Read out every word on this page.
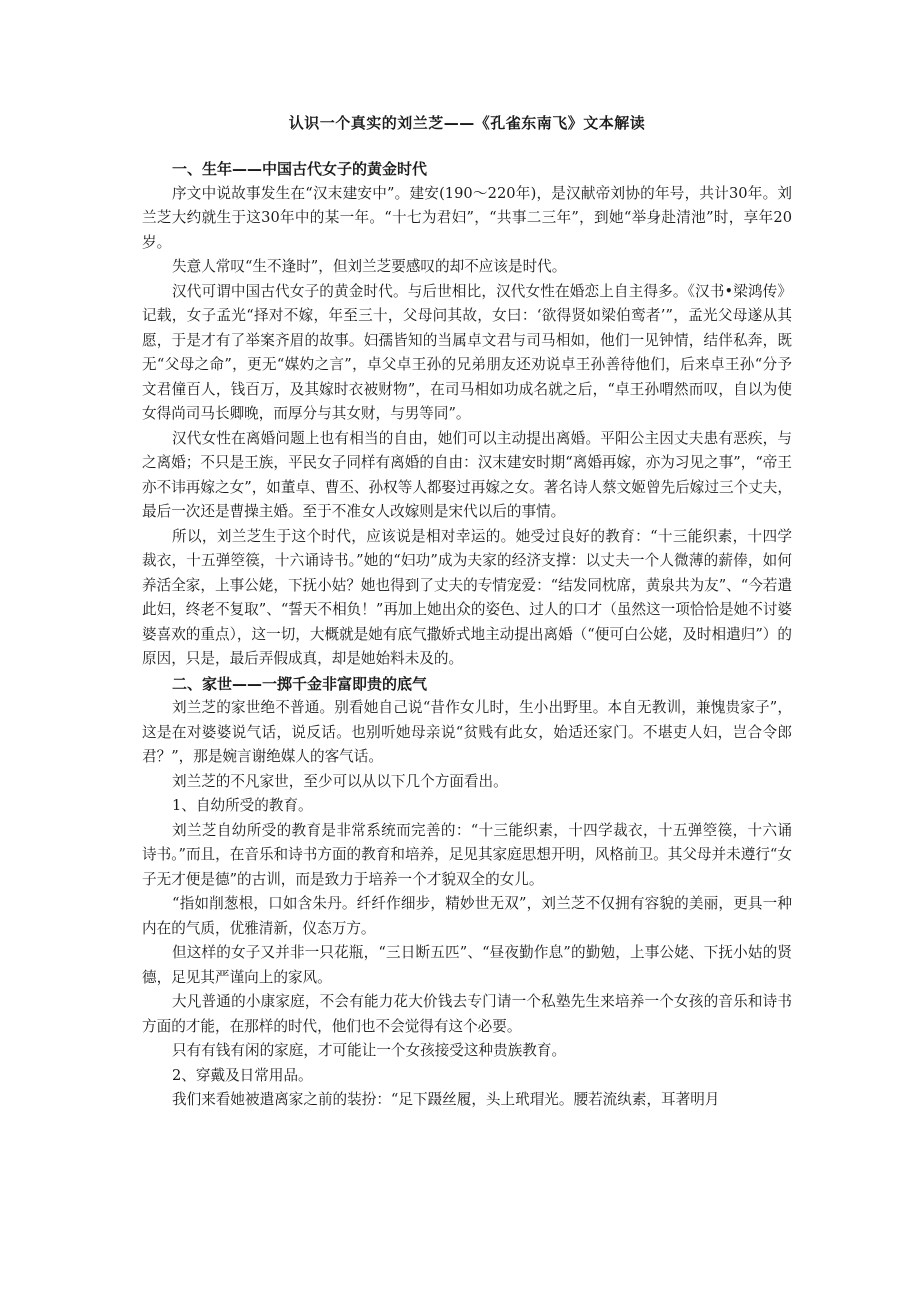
认识一个真实的刘兰芝——《孔雀东南飞》文本解读
一、生年——中国古代女子的黄金时代

序文中说故事发生在“汉末建安中”。建安(190～220年)，是汉献帝刘协的年号，共计30年。刘兰芝大约就生于这30年中的某一年。“十七为君妇”，“共事二三年”，到她“举身赴清池”时，享年20岁。

失意人常叹“生不逢时”，但刘兰芝要感叹的却不应该是时代。

汉代可谓中国古代女子的黄金时代。与后世相比，汉代女性在婚恋上自主得多。《汉书•梁鸿传》记载，女子孟光“择对不嫁，年至三十，父母问其故，女曰：‘欲得贤如梁伯鸾者’”，孟光父母遂从其愿，于是才有了举案齐眉的故事。妇孺皆知的当属卓文君与司马相如，他们一见钟情，结伴私奔，既无“父母之命”，更无“媒妁之言”，卓父卓王孙的兄弟朋友还劝说卓王孙善待他们，后来卓王孙“分予文君僮百人，钱百万，及其嫁时衣被财物”，在司马相如功成名就之后，“卓王孙喟然而叹，自以为使女得尚司马长卿晚，而厚分与其女财，与男等同”。

汉代女性在离婚问题上也有相当的自由，她们可以主动提出离婚。平阳公主因丈夫患有恶疾，与之离婚；不只是王族，平民女子同样有离婚的自由：汉末建安时期“离婚再嫁，亦为习见之事”，“帝王亦不讳再嫁之女”，如董卓、曹丕、孙权等人都娶过再嫁之女。著名诗人蔡文姬曾先后嫁过三个丈夫，最后一次还是曹操主婚。至于不准女人改嫁则是宋代以后的事情。

所以，刘兰芝生于这个时代，应该说是相对幸运的。她受过良好的教育：“十三能织素，十四学裁衣，十五弹箜篌，十六诵诗书。”她的“妇功”成为夫家的经济支撑：以丈夫一个人微薄的薪俸，如何养活全家，上事公姥，下抚小姑？她也得到了丈夫的专情宠爱：“结发同枕席，黄泉共为友”、“今若遣此妇，终老不复取”、“誓天不相负！”再加上她出众的姿色、过人的口才（虽然这一项恰恰是她不讨婆婆喜欢的重点），这一切，大概就是她有底气撒娇式地主动提出离婚（“便可白公姥，及时相遣归”）的原因，只是，最后弄假成真，却是她始料未及的。

二、家世——一掷千金非富即贵的底气

刘兰芝的家世绝不普通。别看她自己说“昔作女儿时，生小出野里。本自无教训，兼愧贵家子”，这是在对婆婆说气话，说反话。也别听她母亲说“贫贱有此女，始适还家门。不堪吏人妇，岂合令郎君？”，那是婉言谢绝媒人的客气话。

刘兰芝的不凡家世，至少可以从以下几个方面看出。

1、自幼所受的教育。

刘兰芝自幼所受的教育是非常系统而完善的：“十三能织素，十四学裁衣，十五弹箜篌，十六诵诗书。”而且，在音乐和诗书方面的教育和培养，足见其家庭思想开明，风格前卫。其父母并未遵行“女子无才便是德”的古训，而是致力于培养一个才貌双全的女儿。

“指如削葱根，口如含朱丹。纤纤作细步，精妙世无双”，刘兰芝不仅拥有容貌的美丽，更具一种内在的气质，优雅清新，仪态万方。

但这样的女子又并非一只花瓶，“三日断五匹”、“昼夜勤作息”的勤勉，上事公姥、下抚小姑的贤德，足见其严谨向上的家风。

大凡普通的小康家庭，不会有能力花大价钱去专门请一个私塾先生来培养一个女孩的音乐和诗书方面的才能，在那样的时代，他们也不会觉得有这个必要。

只有有钱有闲的家庭，才可能让一个女孩接受这种贵族教育。

2、穿戴及日常用品。

我们来看她被遣离家之前的装扮：“足下蹑丝履，头上玳瑁光。腰若流纨素，耳著明月
